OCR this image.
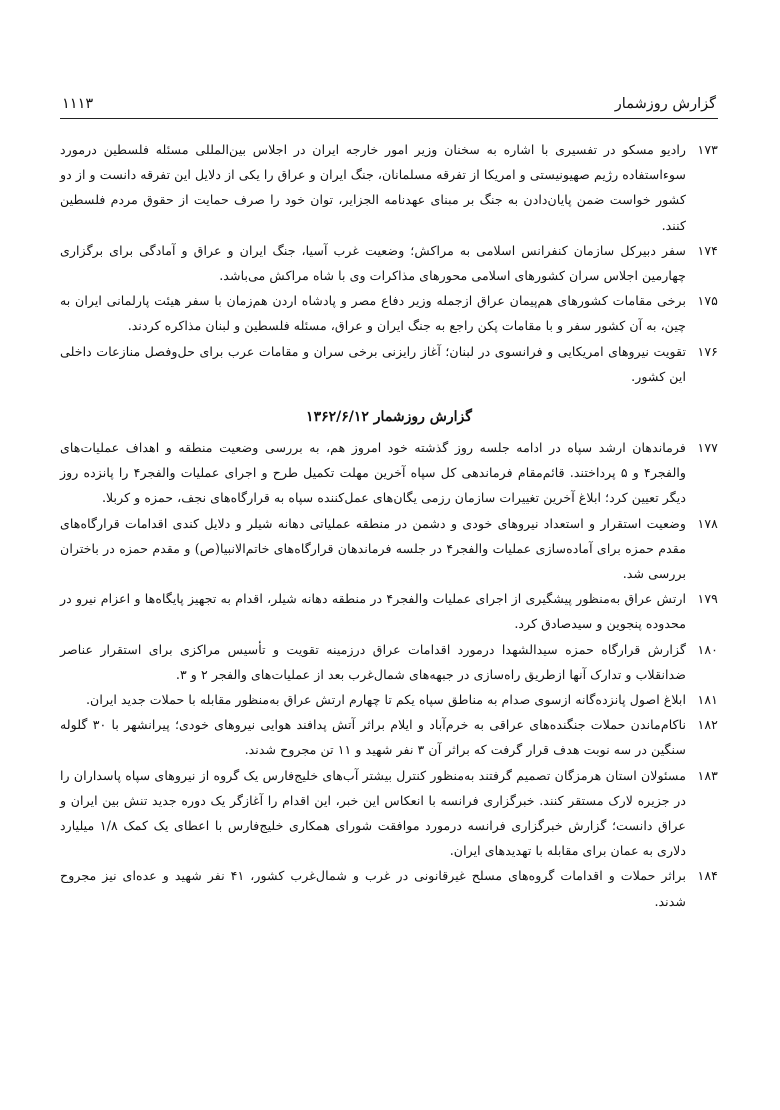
گزارش روزشمار
۱۱۱۳
۱۷۳
رادیو مسکو در تفسیری با اشاره به سخنان وزیر امور خارجه ایران در اجلاس بین‌المللی مسئله فلسطین درمورد سوءاستفاده رژیم صهیونیستی و امریکا از تفرقه مسلمانان، جنگ ایران و عراق را یکی از دلایل این تفرقه دانست و از دو کشور خواست ضمن پایان‌دادن به جنگ بر مبنای عهدنامه الجزایر، توان خود را صرف حمایت از حقوق مردم فلسطین کنند.
۱۷۴
سفر دبیرکل سازمان کنفرانس اسلامی به مراکش؛ وضعیت غرب آسیا، جنگ ایران و عراق و آمادگی برای برگزاری چهارمین اجلاس سران کشورهای اسلامی محورهای مذاکرات وی با شاه مراکش می‌باشد.
۱۷۵
برخی مقامات کشورهای هم‌پیمان عراق ازجمله وزیر دفاع مصر و پادشاه اردن هم‌زمان با سفر هیئت پارلمانی ایران به چین، به آن کشور سفر و با مقامات پکن راجع به جنگ ایران و عراق، مسئله فلسطین و لبنان مذاکره کردند.
۱۷۶
تقویت نیروهای امریکایی و فرانسوی در لبنان؛ آغاز رایزنی برخی سران و مقامات عرب برای حل‌وفصل منازعات داخلی این کشور.
گزارش روزشمار ۱۳۶۲/۶/۱۲
۱۷۷
فرماندهان ارشد سپاه در ادامه جلسه روز گذشته خود امروز هم، به بررسی وضعیت منطقه و اهداف عملیات‌های والفجر۴ و ۵ پرداختند. قائم‌مقام فرماندهی کل سپاه آخرین مهلت تکمیل طرح و اجرای عملیات والفجر۴ را پانزده روز دیگر تعیین کرد؛ ابلاغ آخرین تغییرات سازمان رزمی یگان‌های عمل‌کننده سپاه به قرارگاه‌های نجف، حمزه و کربلا.
۱۷۸
وضعیت استقرار و استعداد نیروهای خودی و دشمن در منطقه عملیاتی دهانه شیلر و دلایل کندی اقدامات قرارگاه‌های مقدم حمزه برای آماده‌سازی عملیات والفجر۴ در جلسه فرماندهان قرارگاه‌های خاتم‌الانبیا(ص) و مقدم حمزه در باختران بررسی شد.
۱۷۹
ارتش عراق به‌منظور پیشگیری از اجرای عملیات والفجر۴ در منطقه دهانه شیلر، اقدام به تجهیز پایگاه‌ها و اعزام نیرو در محدوده پنجوین و سیدصادق کرد.
۱۸۰
گزارش قرارگاه حمزه سیدالشهدا درمورد اقدامات عراق درزمینه تقویت و تأسیس مراکزی برای استقرار عناصر ضدانقلاب و تدارک آنها ازطریق راه‌سازی در جبهه‌های شمال‌غرب بعد از عملیات‌های والفجر ۲ و ۳.
۱۸۱
ابلاغ اصول پانزده‌گانه ازسوی صدام به مناطق سپاه یکم تا چهارم ارتش عراق به‌منظور مقابله با حملات جدید ایران.
۱۸۲
ناکام‌ماندن حملات جنگنده‌های عراقی به خرم‌آباد و ایلام براثر آتش پدافند هوایی نیروهای خودی؛ پیرانشهر با ۳۰ گلوله سنگین در سه نوبت هدف قرار گرفت که براثر آن ۳ نفر شهید و ۱۱ تن مجروح شدند.
۱۸۳
مسئولان استان هرمزگان تصمیم گرفتند به‌منظور کنترل بیشتر آب‌های خلیج‌فارس یک گروه از نیروهای سپاه پاسداران را در جزیره لارک مستقر کنند. خبرگزاری فرانسه با انعکاس این خبر، این اقدام را آغازگر یک دوره جدید تنش بین ایران و عراق دانست؛ گزارش خبرگزاری فرانسه درمورد موافقت شورای همکاری خلیج‌فارس با اعطای یک کمک ۱/۸ میلیارد دلاری به عمان برای مقابله با تهدیدهای ایران.
۱۸۴
براثر حملات و اقدامات گروه‌های مسلح غیرقانونی در غرب و شمال‌غرب کشور، ۴۱ نفر شهید و عده‌ای نیز مجروح شدند.
